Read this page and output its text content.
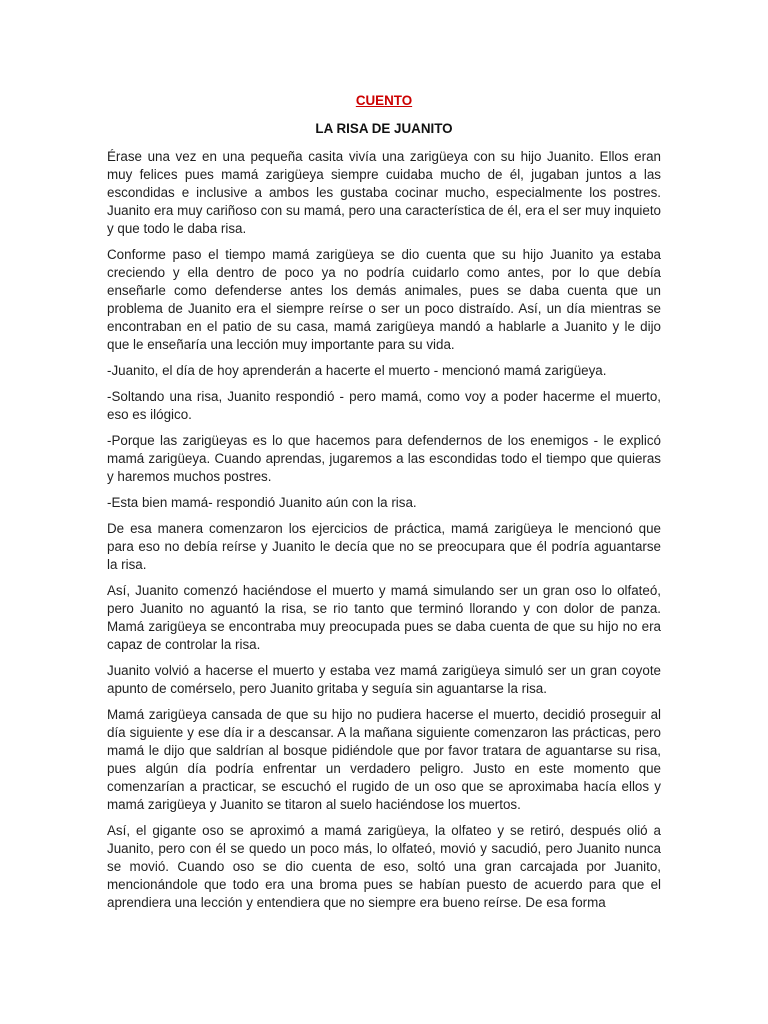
CUENTO

LA RISA DE JUANITO

Érase una vez en una pequeña casita vivía una zarigüeya con su hijo Juanito. Ellos eran muy felices pues mamá zarigüeya siempre cuidaba mucho de él, jugaban juntos a las escondidas e inclusive a ambos les gustaba cocinar mucho, especialmente los postres. Juanito era muy cariñoso con su mamá, pero una característica de él, era el ser muy inquieto y que todo le daba risa.

Conforme paso el tiempo mamá zarigüeya se dio cuenta que su hijo Juanito ya estaba creciendo y ella dentro de poco ya no podría cuidarlo como antes, por lo que debía enseñarle como defenderse antes los demás animales, pues se daba cuenta que un problema de Juanito era el siempre reírse o ser un poco distraído. Así, un día mientras se encontraban en el patio de su casa, mamá zarigüeya mandó a hablarle a Juanito y le dijo que le enseñaría una lección muy importante para su vida.

-Juanito, el día de hoy aprenderán a hacerte el muerto - mencionó mamá zarigüeya.

-Soltando una risa, Juanito respondió - pero mamá, como voy a poder hacerme el muerto, eso es ilógico.

-Porque las zarigüeyas es lo que hacemos para defendernos de los enemigos - le explicó mamá zarigüeya. Cuando aprendas, jugaremos a las escondidas todo el tiempo que quieras y haremos muchos postres.

-Esta bien mamá- respondió Juanito aún con la risa.

De esa manera comenzaron los ejercicios de práctica, mamá zarigüeya le mencionó que para eso no debía reírse y Juanito le decía que no se preocupara que él podría aguantarse la risa.

Así, Juanito comenzó haciéndose el muerto y mamá simulando ser un gran oso lo olfateó, pero Juanito no aguantó la risa, se rio tanto que terminó llorando y con dolor de panza. Mamá zarigüeya se encontraba muy preocupada pues se daba cuenta de que su hijo no era capaz de controlar la risa.

Juanito volvió a hacerse el muerto y estaba vez mamá zarigüeya simuló ser un gran coyote apunto de comérselo, pero Juanito gritaba y seguía sin aguantarse la risa.

Mamá zarigüeya cansada de que su hijo no pudiera hacerse el muerto, decidió proseguir al día siguiente y ese día ir a descansar. A la mañana siguiente comenzaron las prácticas, pero mamá le dijo que saldrían al bosque pidiéndole que por favor tratara de aguantarse su risa, pues algún día podría enfrentar un verdadero peligro. Justo en este momento que comenzarían a practicar, se escuchó el rugido de un oso que se aproximaba hacía ellos y mamá zarigüeya y Juanito se titaron al suelo haciéndose los muertos.

Así, el gigante oso se aproximó a mamá zarigüeya, la olfateo y se retiró, después olió a Juanito, pero con él se quedo un poco más, lo olfateó, movió y sacudió, pero Juanito nunca se movió. Cuando oso se dio cuenta de eso, soltó una gran carcajada por Juanito, mencionándole que todo era una broma pues se habían puesto de acuerdo para que el aprendiera una lección y entendiera que no siempre era bueno reírse. De esa forma
